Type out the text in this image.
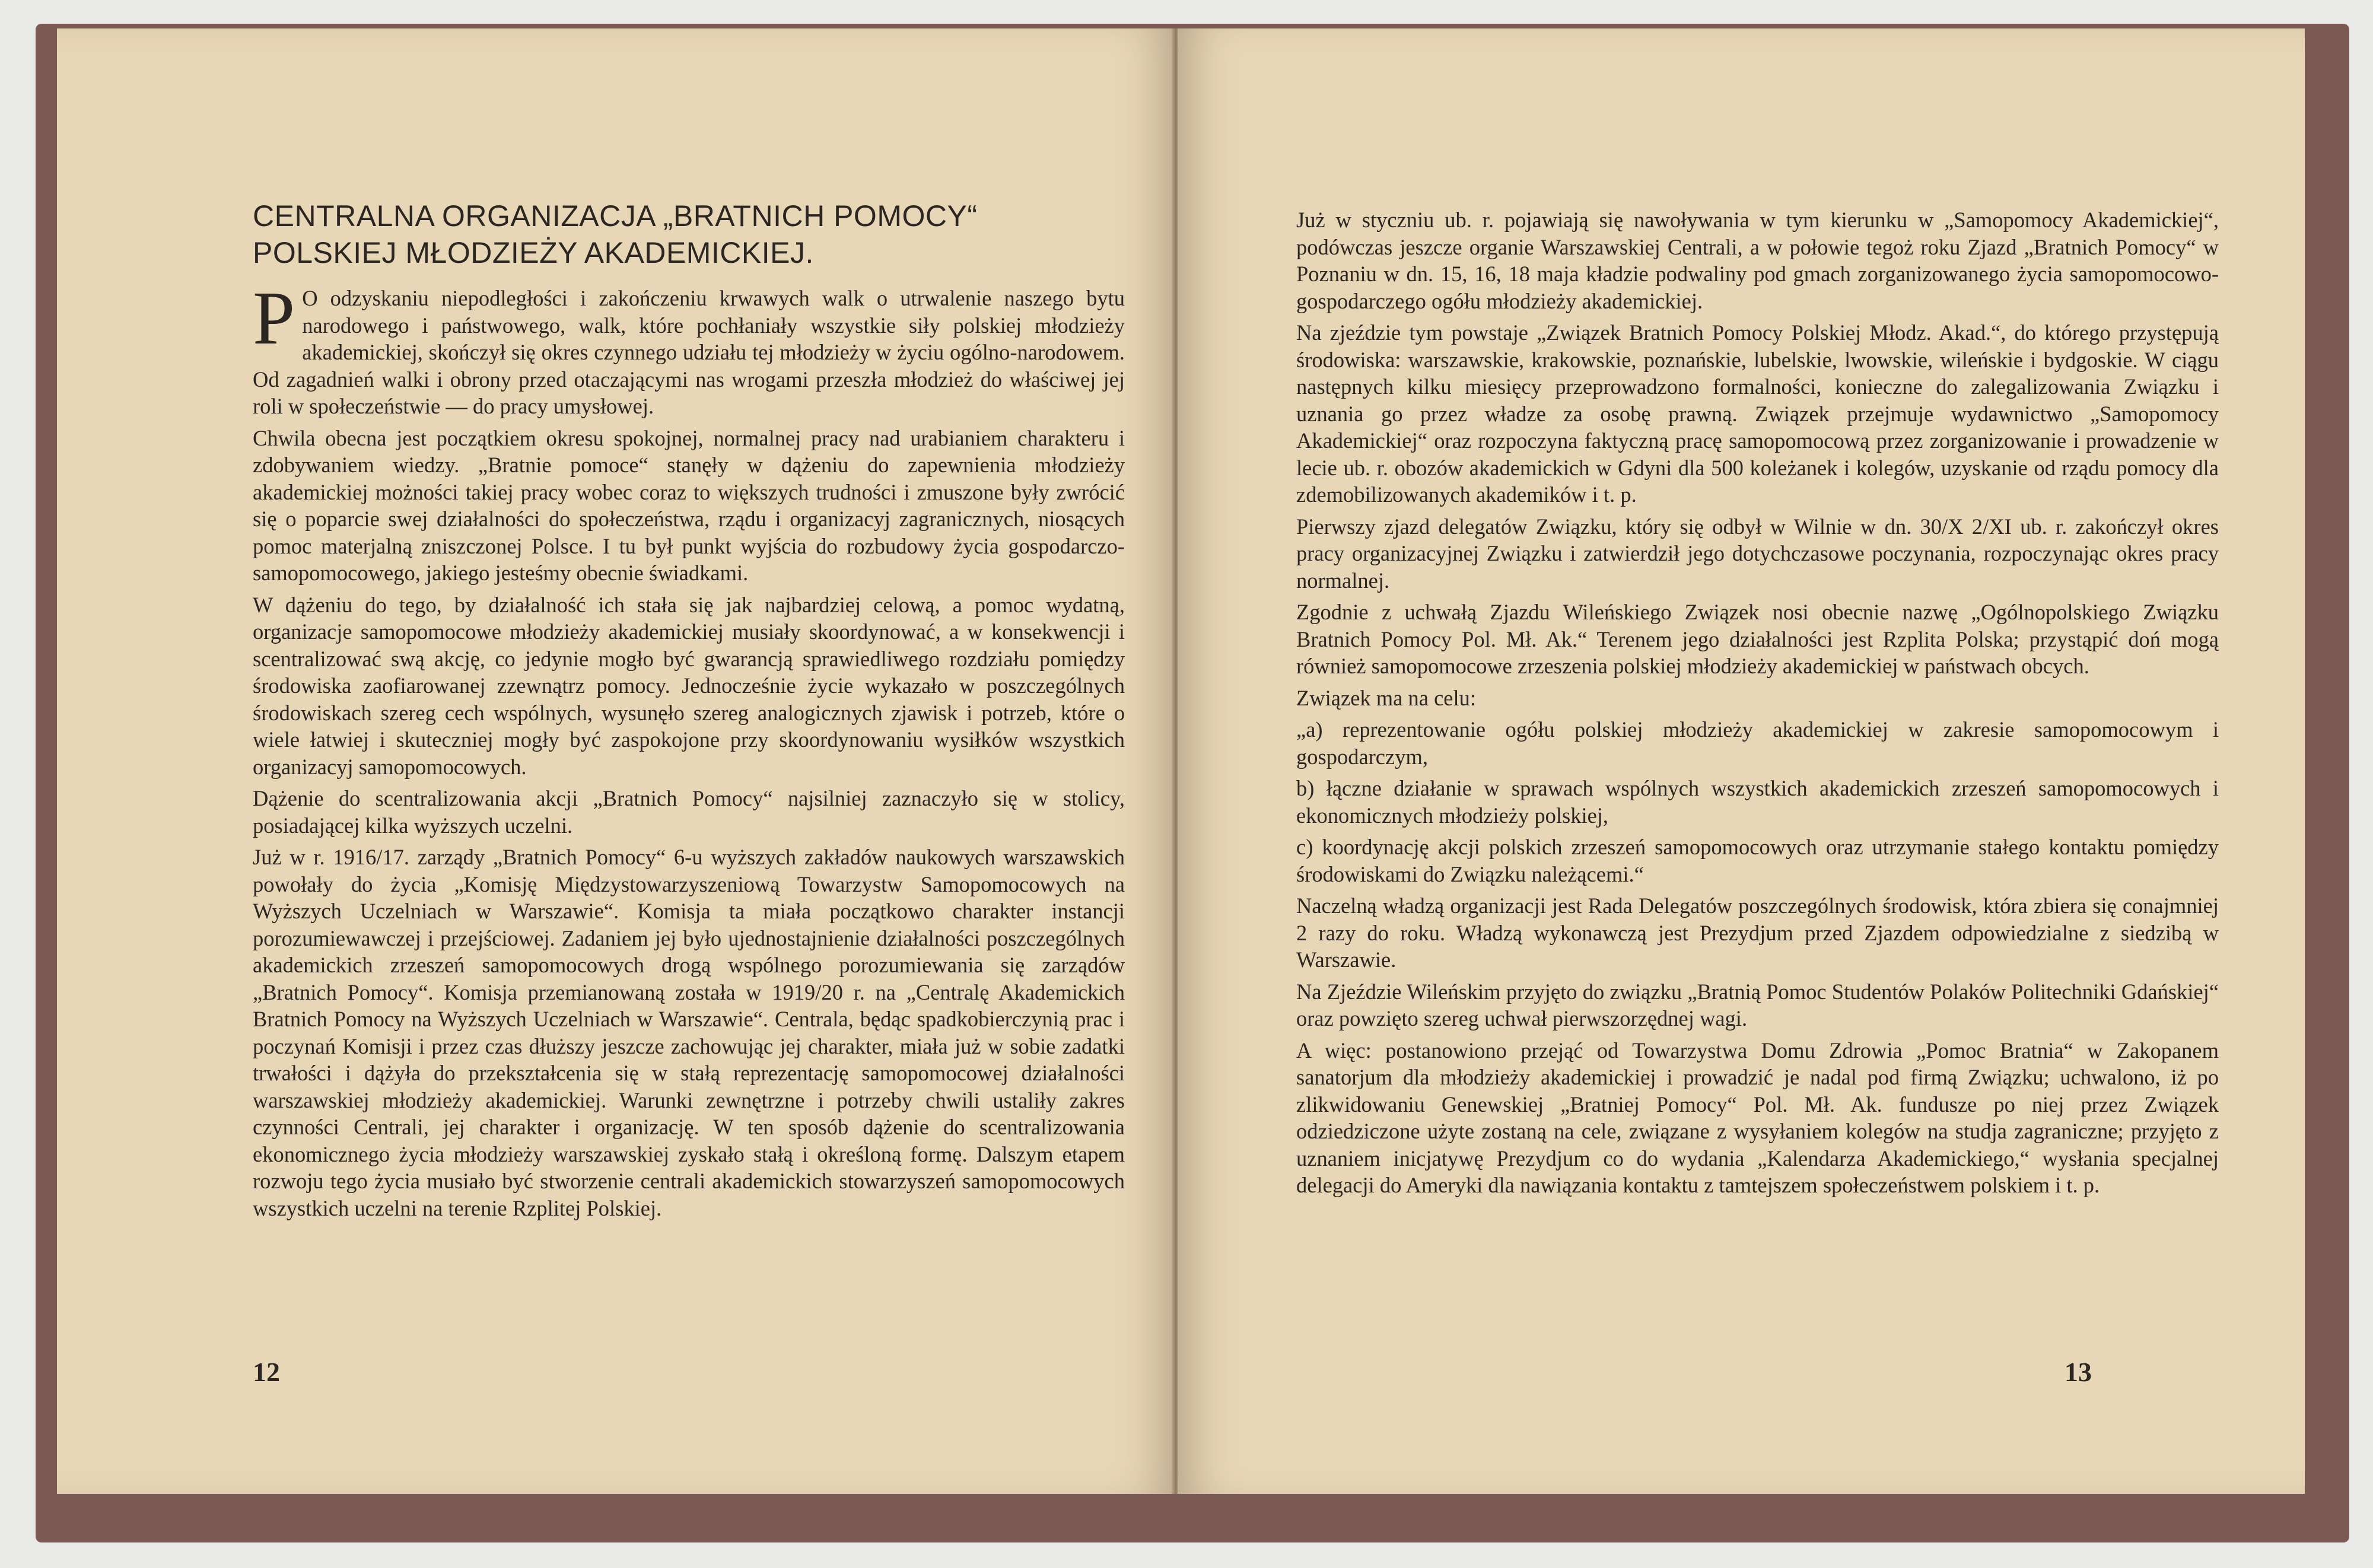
CENTRALNA ORGANIZACJA „BRATNICH POMOCY“
POLSKIEJ MŁODZIEŻY AKADEMICKIEJ.

P O odzyskaniu niepodległości i zakończeniu krwawych walk o utrwalenie naszego bytu narodowego i państwowego, walk, które pochłaniały wszystkie siły polskiej młodzieży akademickiej, skończył się okres czynnego udziału tej młodzieży w życiu ogólno-narodowem. Od zagadnień walki i obrony przed otaczającymi nas wrogami przeszła młodzież do właściwej jej roli w społeczeństwie — do pracy umysłowej.

Chwila obecna jest początkiem okresu spokojnej, normalnej pracy nad urabianiem charakteru i zdobywaniem wiedzy. „Bratnie pomoce“ stanęły w dążeniu do zapewnienia młodzieży akademickiej możności takiej pracy wobec coraz to większych trudności i zmuszone były zwrócić się o poparcie swej działalności do społeczeństwa, rządu i organizacyj zagranicznych, niosących pomoc materjalną zniszczonej Polsce. I tu był punkt wyjścia do rozbudowy życia gospodarczo-samopomocowego, jakiego jesteśmy obecnie świadkami.

W dążeniu do tego, by działalność ich stała się jak najbardziej celową, a pomoc wydatną, organizacje samopomocowe młodzieży akademickiej musiały skoordynować, a w konsekwencji i scentralizować swą akcję, co jedynie mogło być gwarancją sprawiedliwego rozdziału pomiędzy środowiska zaofiarowanej zzewnątrz pomocy. Jednocześnie życie wykazało w poszczególnych środowiskach szereg cech wspólnych, wysunęło szereg analogicznych zjawisk i potrzeb, które o wiele łatwiej i skuteczniej mogły być zaspokojone przy skoordynowaniu wysiłków wszystkich organizacyj samopomocowych.

Dążenie do scentralizowania akcji „Bratnich Pomocy“ najsilniej zaznaczyło się w stolicy, posiadającej kilka wyższych uczelni.

Już w r. 1916/17. zarządy „Bratnich Pomocy“ 6-u wyższych zakładów naukowych warszawskich powołały do życia „Komisję Międzystowarzyszeniową Towarzystw Samopomocowych na Wyższych Uczelniach w Warszawie“. Komisja ta miała początkowo charakter instancji porozumiewawczej i przejściowej. Zadaniem jej było ujednostajnienie działalności poszczególnych akademickich zrzeszeń samopomocowych drogą wspólnego porozumiewania się zarządów „Bratnich Pomocy“. Komisja przemianowaną została w 1919/20 r. na „Centralę Akademickich Bratnich Pomocy na Wyższych Uczelniach w Warszawie“. Centrala, będąc spadkobierczynią prac i poczynań Komisji i przez czas dłuższy jeszcze zachowując jej charakter, miała już w sobie zadatki trwałości i dążyła do przekształcenia się w stałą reprezentację samopomocowej działalności warszawskiej młodzieży akademickiej. Warunki zewnętrzne i potrzeby chwili ustaliły zakres czynności Centrali, jej charakter i organizację. W ten sposób dążenie do scentralizowania ekonomicznego życia młodzieży warszawskiej zyskało stałą i określoną formę. Dalszym etapem rozwoju tego życia musiało być stworzenie centrali akademickich stowarzyszeń samopomocowych wszystkich uczelni na terenie Rzplitej Polskiej.

12

Już w styczniu ub. r. pojawiają się nawoływania w tym kierunku w „Samopomocy Akademickiej“, podówczas jeszcze organie Warszawskiej Centrali, a w połowie tegoż roku Zjazd „Bratnich Pomocy“ w Poznaniu w dn. 15, 16, 18 maja kładzie podwaliny pod gmach zorganizowanego życia samopomocowo-gospodarczego ogółu młodzieży akademickiej.

Na zjeździe tym powstaje „Związek Bratnich Pomocy Polskiej Młodz. Akad.“, do którego przystępują środowiska: warszawskie, krakowskie, poznańskie, lubelskie, lwowskie, wileńskie i bydgoskie. W ciągu następnych kilku miesięcy przeprowadzono formalności, konieczne do zalegalizowania Związku i uznania go przez władze za osobę prawną. Związek przejmuje wydawnictwo „Samopomocy Akademickiej“ oraz rozpoczyna faktyczną pracę samopomocową przez zorganizowanie i prowadzenie w lecie ub. r. obozów akademickich w Gdyni dla 500 koleżanek i kolegów, uzyskanie od rządu pomocy dla zdemobilizowanych akademików i t. p.

Pierwszy zjazd delegatów Związku, który się odbył w Wilnie w dn. 30/X 2/XI ub. r. zakończył okres pracy organizacyjnej Związku i zatwierdził jego dotychczasowe poczynania, rozpoczynając okres pracy normalnej.

Zgodnie z uchwałą Zjazdu Wileńskiego Związek nosi obecnie nazwę „Ogólnopolskiego Związku Bratnich Pomocy Pol. Mł. Ak.“ Terenem jego działalności jest Rzplita Polska; przystąpić doń mogą również samopomocowe zrzeszenia polskiej młodzieży akademickiej w państwach obcych.

Związek ma na celu:

„a) reprezentowanie ogółu polskiej młodzieży akademickiej w zakresie samopomocowym i gospodarczym,

b) łączne działanie w sprawach wspólnych wszystkich akademickich zrzeszeń samopomocowych i ekonomicznych młodzieży polskiej,

c) koordynację akcji polskich zrzeszeń samopomocowych oraz utrzymanie stałego kontaktu pomiędzy środowiskami do Związku należącemi.“

Naczelną władzą organizacji jest Rada Delegatów poszczególnych środowisk, która zbiera się conajmniej 2 razy do roku. Władzą wykonawczą jest Prezydjum przed Zjazdem odpowiedzialne z siedzibą w Warszawie.

Na Zjeździe Wileńskim przyjęto do związku „Bratnią Pomoc Studentów Polaków Politechniki Gdańskiej“ oraz powzięto szereg uchwał pierwszorzędnej wagi.

A więc: postanowiono przejąć od Towarzystwa Domu Zdrowia „Pomoc Bratnia“ w Zakopanem sanatorjum dla młodzieży akademickiej i prowadzić je nadal pod firmą Związku; uchwalono, iż po zlikwidowaniu Genewskiej „Bratniej Pomocy“ Pol. Mł. Ak. fundusze po niej przez Związek odziedziczone użyte zostaną na cele, związane z wysyłaniem kolegów na studja zagraniczne; przyjęto z uznaniem inicjatywę Prezydjum co do wydania „Kalendarza Akademickiego,“ wysłania specjalnej delegacji do Ameryki dla nawiązania kontaktu z tamtejszem społeczeństwem polskiem i t. p.

13
